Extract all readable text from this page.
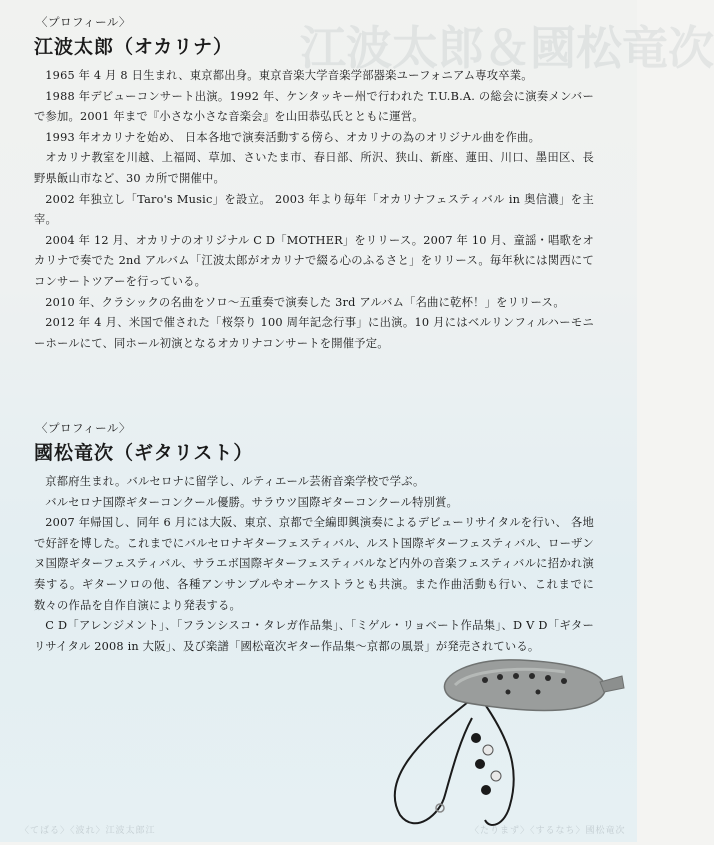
〈プロフィール〉
江波太郎（オカリナ）

1965 年 4 月 8 日生まれ、東京都出身。東京音楽大学音楽学部器楽ユーフォニアム専攻卒業。

1988 年デビューコンサート出演。1992 年、ケンタッキー州で行われた T.U.B.A. の総会に演奏メンバーで参加。2001 年まで『小さな小さな音楽会』を山田恭弘氏とともに運営。

1993 年オカリナを始め、 日本各地で演奏活動する傍ら、オカリナの為のオリジナル曲を作曲。

オカリナ教室を川越、上福岡、草加、さいたま市、春日部、所沢、狭山、新座、蓮田、川口、墨田区、長野県飯山市など、30 カ所で開催中。

2002 年独立し「Taro's Music」を設立。 2003 年より毎年「オカリナフェスティバル in 奥信濃」を主宰。

2004 年 12 月、オカリナのオリジナル C D「MOTHER」をリリース。2007 年 10 月、童謡・唱歌をオカリナで奏でた 2nd アルバム「江波太郎がオカリナで綴る心のふるさと」をリリース。毎年秋には関西にてコンサートツアーを行っている。

2010 年、クラシックの名曲をソロ～五重奏で演奏した 3rd アルバム「名曲に乾杯！」をリリース。

2012 年 4 月、米国で催された「桜祭り 100 周年記念行事」に出演。10 月にはベルリンフィルハーモニーホールにて、同ホール初演となるオカリナコンサートを開催予定。

〈プロフィール〉
國松竜次（ギタリスト）

京都府生まれ。バルセロナに留学し、ルティエール芸術音楽学校で学ぶ。

バルセロナ国際ギターコンクール優勝。サラウツ国際ギターコンクール特別賞。

2007 年帰国し、同年 6 月には大阪、東京、京都で全編即興演奏によるデビューリサイタルを行い、 各地で好評を博した。これまでにバルセロナギターフェスティバル、ルスト国際ギターフェスティバル、ローザンヌ国際ギターフェスティバル、サラエボ国際ギターフェスティバルなど内外の音楽フェスティバルに招かれ演奏する。ギターソロの他、各種アンサンブルやオーケストラとも共演。また作曲活動も行い、これまでに数々の作品を自作自演により発表する。

C D「アレンジメント」、「フランシスコ・タレガ作品集」、「ミゲル・リョベート作品集」、D V D「ギターリサイタル 2008 in 大阪」、及び楽譜「國松竜次ギター作品集～京都の風景」が発売されている。

〈てばる〉〈波れ〉江波太郎江	〈たりまず〉〈するなち〉國松竜次
